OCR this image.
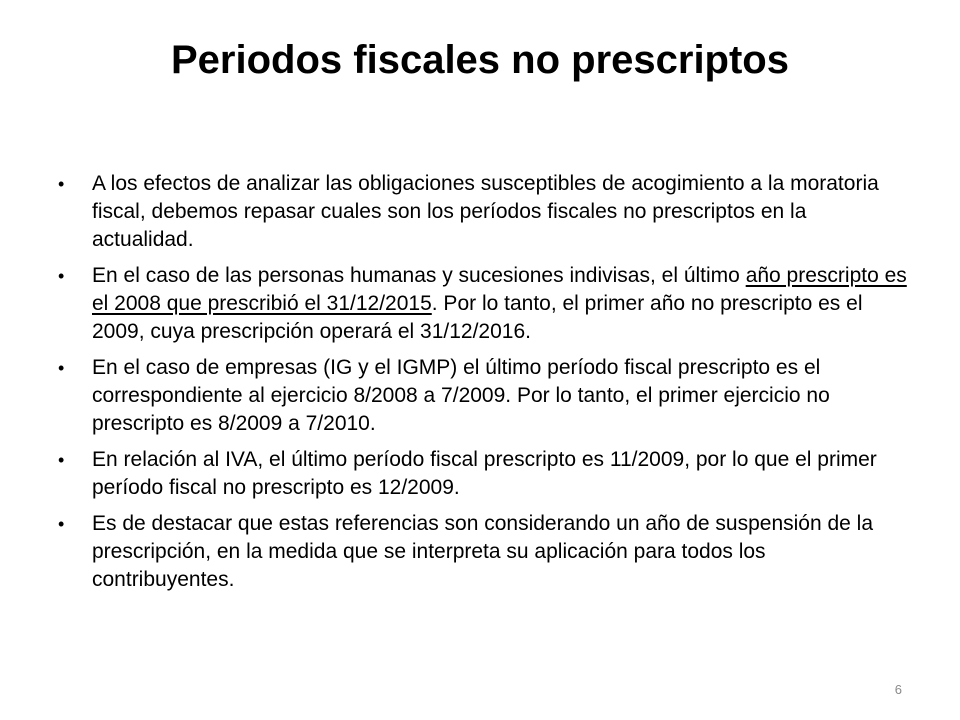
Periodos fiscales no prescriptos
•	A los efectos de analizar las obligaciones susceptibles de acogimiento a la moratoria fiscal, debemos repasar cuales son los períodos fiscales no prescriptos en la actualidad.
•	En el caso de las personas humanas y sucesiones indivisas, el último año prescripto es el 2008 que prescribió el 31/12/2015. Por lo tanto, el primer año no prescripto es el 2009, cuya prescripción operará el 31/12/2016.
•	En el caso de empresas (IG y el IGMP) el último período fiscal prescripto es el correspondiente al ejercicio 8/2008 a 7/2009. Por lo tanto, el primer ejercicio no prescripto es 8/2009 a 7/2010.
•	En relación al IVA, el último período fiscal prescripto es 11/2009, por lo que el primer período fiscal no prescripto es 12/2009.
•	Es de destacar que estas referencias son considerando un año de suspensión de la prescripción, en la medida que se interpreta su aplicación para todos los contribuyentes.
6
